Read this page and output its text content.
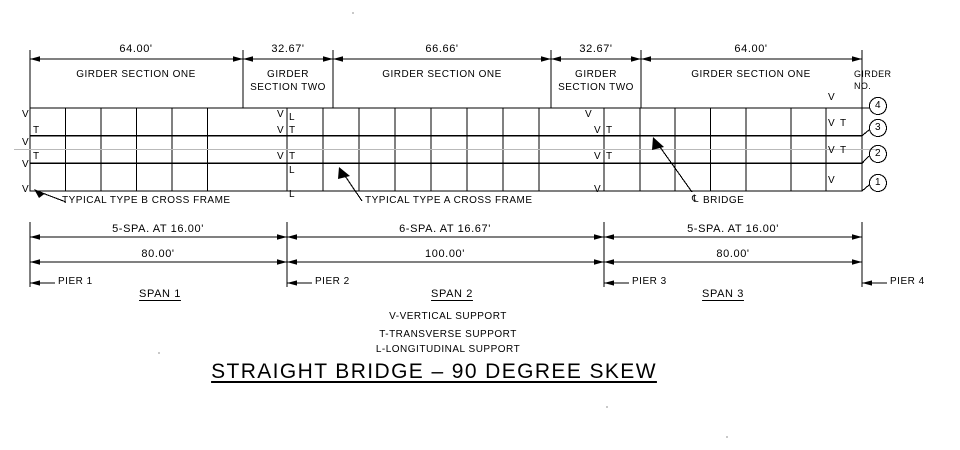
64.00'	32.67'	66.66'	32.67'	64.00'
GIRDER SECTION ONE	GIRDER
SECTION TWO
GIRDER SECTION ONE	GIRDER
SECTION TWO
GIRDER SECTION ONE	GIRDER
NO.
4
3
2
1
V
V
T
V
T
V
V L
V T
V T
L
L
V
V T
V T
V
V
V T
V T
V
TYPICAL TYPE B CROSS FRAME	TYPICAL TYPE A CROSS FRAME	℄ BRIDGE
5-SPA. AT 16.00'	6-SPA. AT 16.67'	5-SPA. AT 16.00'
80.00'	100.00'	80.00'
PIER 1	PIER 2	PIER 3	PIER 4
SPAN 1	SPAN 2	SPAN 3
V-VERTICAL SUPPORT
T-TRANSVERSE SUPPORT
L-LONGITUDINAL SUPPORT
STRAIGHT BRIDGE – 90 DEGREE SKEW
